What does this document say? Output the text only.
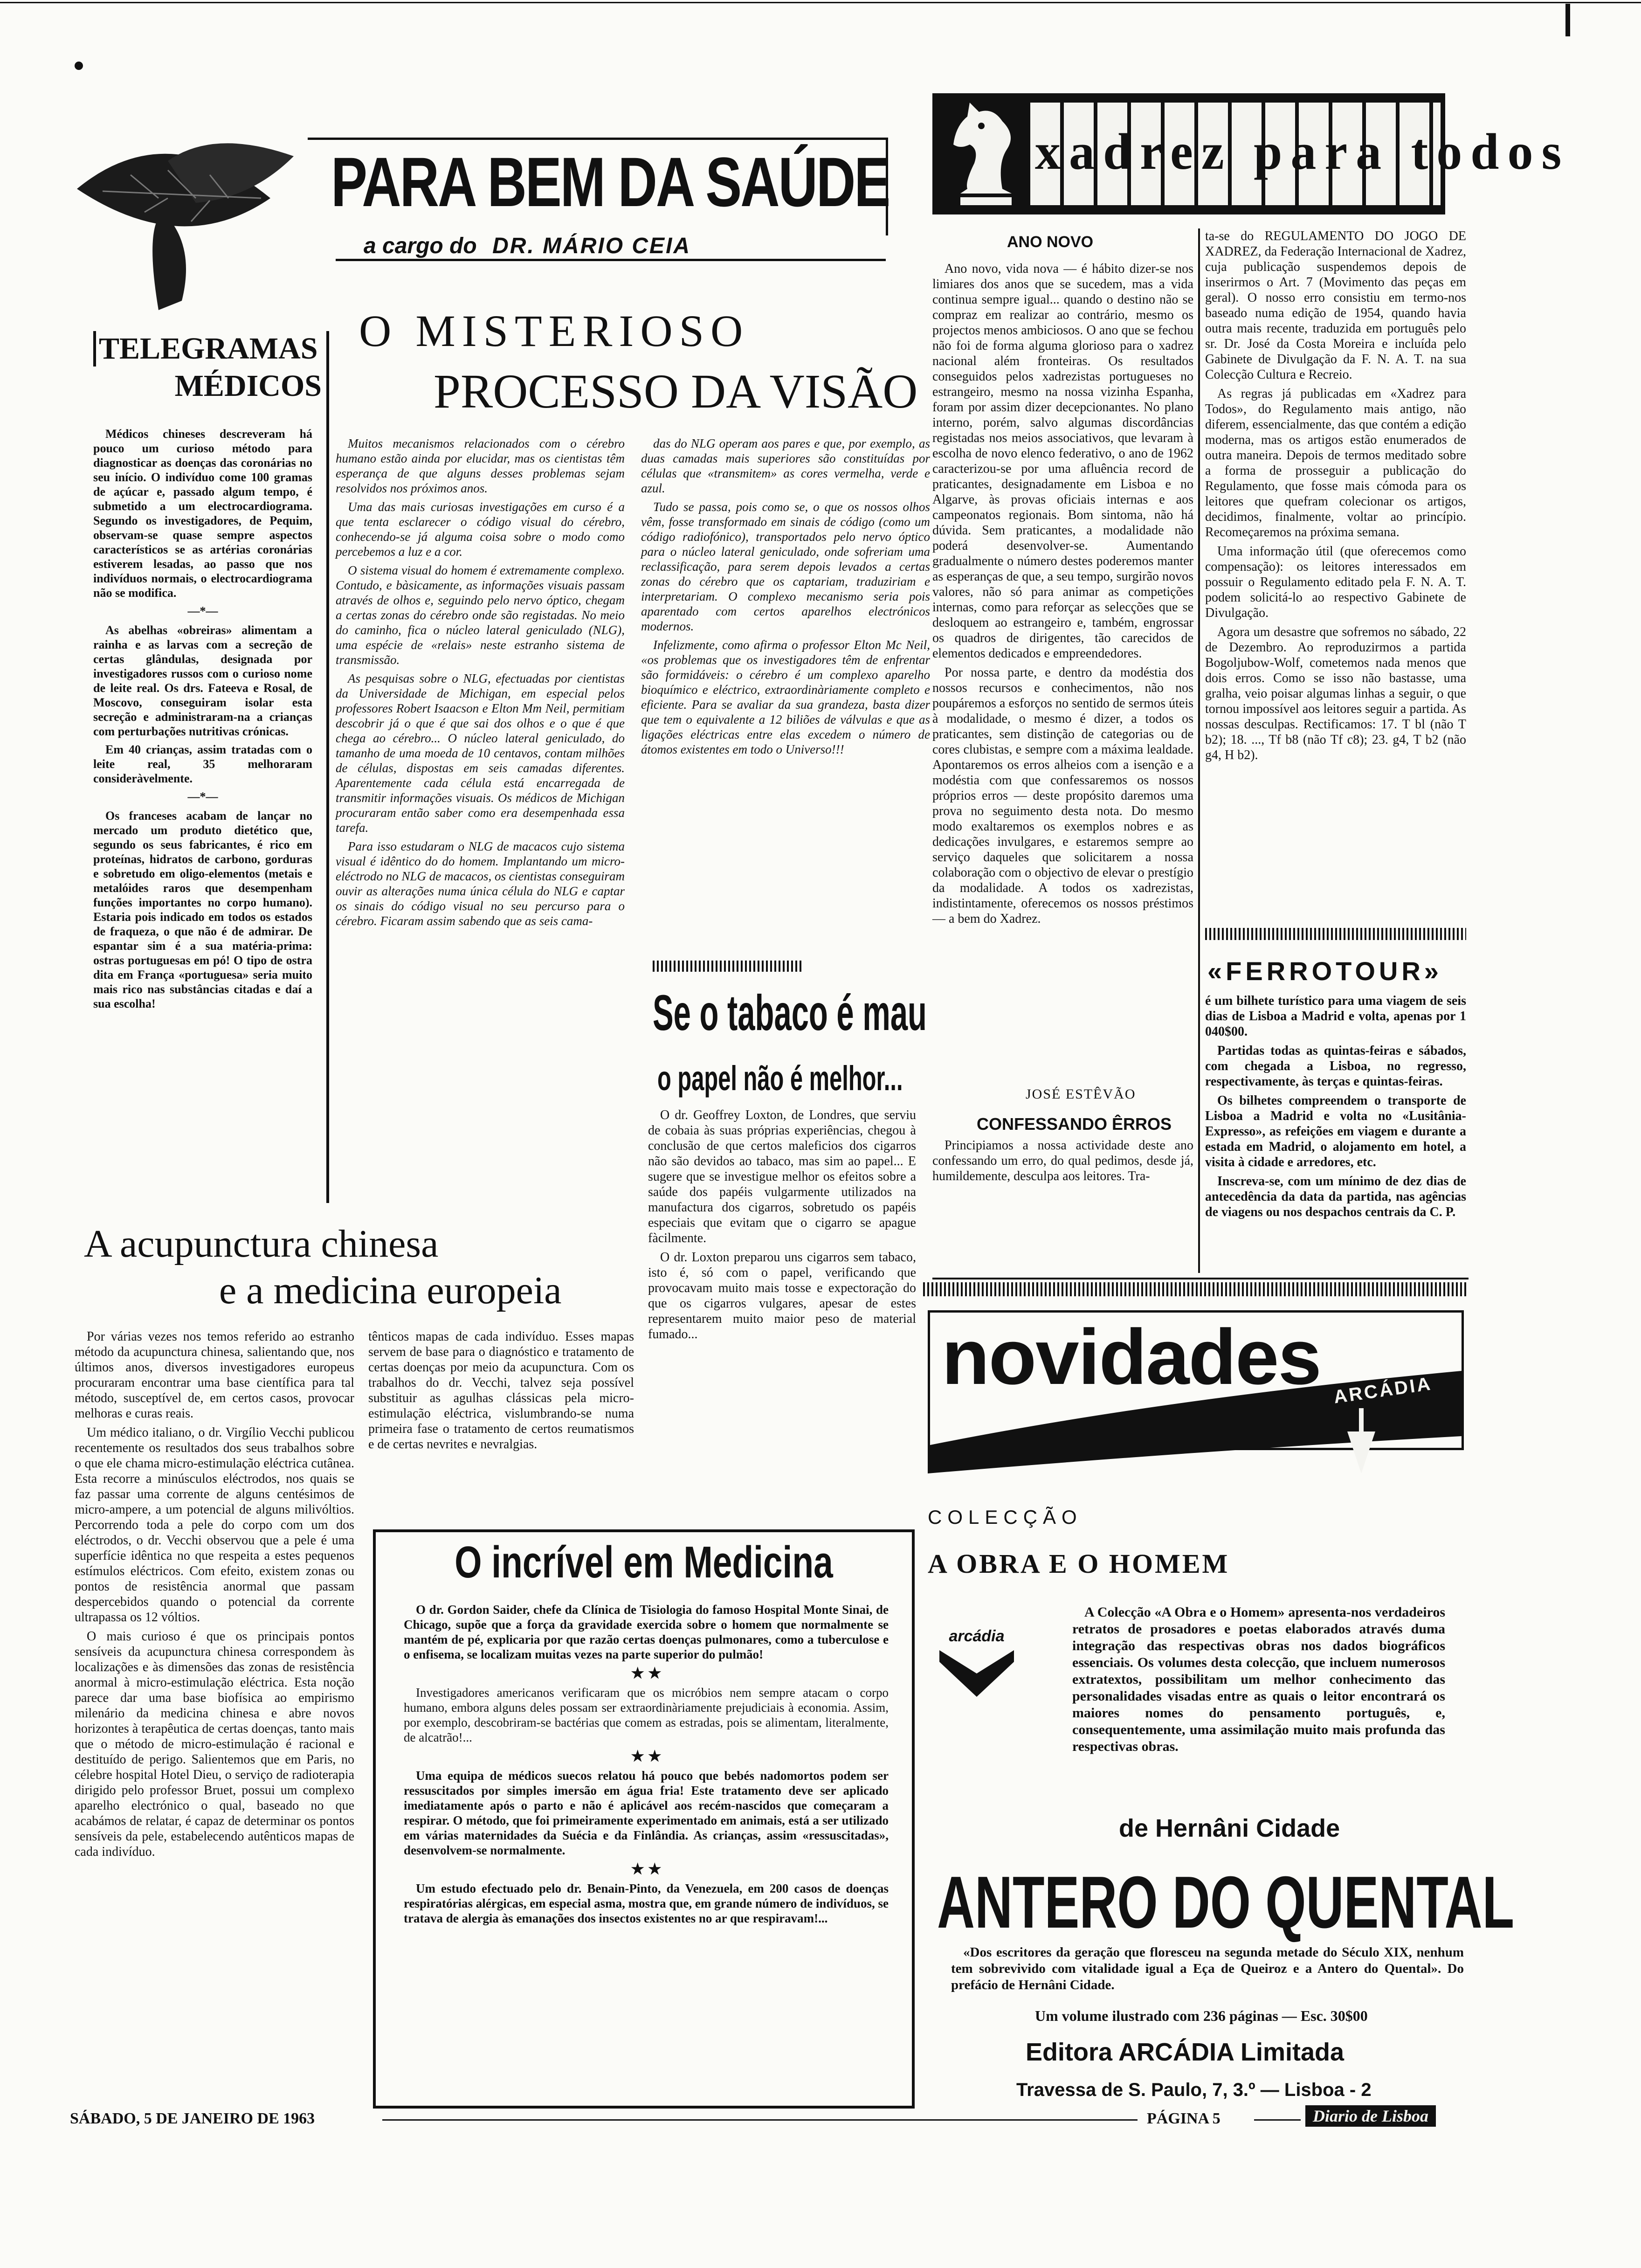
PARA BEM DA SAÚDE
a cargo do DR. MÁRIO CEIA
TELEGRAMAS
MÉDICOS

Médicos chineses descreveram há pouco um curioso método para diagnosticar as doenças das coronárias no seu início. O indivíduo come 100 gramas de açúcar e, passado algum tempo, é submetido a um electrocardiograma. Segundo os investigadores, de Pequim, observam-se quase sempre aspectos característicos se as artérias coronárias estiverem lesadas, ao passo que nos indivíduos normais, o electrocardiograma não se modifica.

—*—

As abelhas «obreiras» alimentam a rainha e as larvas com a secreção de certas glândulas, designada por investigadores russos com o curioso nome de leite real. Os drs. Fateeva e Rosal, de Moscovo, conseguiram isolar esta secreção e administraram-na a crianças com perturbações nutritivas crónicas.

Em 40 crianças, assim tratadas com o leite real, 35 melhoraram consideràvelmente.

—*—

Os franceses acabam de lançar no mercado um produto dietético que, segundo os seus fabricantes, é rico em proteínas, hidratos de carbono, gorduras e sobretudo em oligo-elementos (metais e metalóides raros que desempenham funções importantes no corpo humano). Estaria pois indicado em todos os estados de fraqueza, o que não é de admirar. De espantar sim é a sua matéria-prima: ostras portuguesas em pó! O tipo de ostra dita em França «portuguesa» seria muito mais rico nas substâncias citadas e daí a sua escolha!

O MISTERIOSO
PROCESSO DA VISÃO

Muitos mecanismos relacionados com o cérebro humano estão ainda por elucidar, mas os cientistas têm esperança de que alguns desses problemas sejam resolvidos nos próximos anos.

Uma das mais curiosas investigações em curso é a que tenta esclarecer o código visual do cérebro, conhecendo-se já alguma coisa sobre o modo como percebemos a luz e a cor.

O sistema visual do homem é extremamente complexo. Contudo, e bàsicamente, as informações visuais passam através de olhos e, seguindo pelo nervo óptico, chegam a certas zonas do cérebro onde são registadas. No meio do caminho, fica o núcleo lateral geniculado (NLG), uma espécie de «relais» neste estranho sistema de transmissão.

As pesquisas sobre o NLG, efectuadas por cientistas da Universidade de Michigan, em especial pelos professores Robert Isaacson e Elton Mm Neil, permitiam descobrir já o que é que sai dos olhos e o que é que chega ao cérebro... O núcleo lateral geniculado, do tamanho de uma moeda de 10 centavos, contam milhões de células, dispostas em seis camadas diferentes. Aparentemente cada célula está encarregada de transmitir informações visuais. Os médicos de Michigan procuraram então saber como era desempenhada essa tarefa.

Para isso estudaram o NLG de macacos cujo sistema visual é idêntico do do homem. Implantando um micro-eléctrodo no NLG de macacos, os cientistas conseguiram ouvir as alterações numa única célula do NLG e captar os sinais do código visual no seu percurso para o cérebro. Ficaram assim sabendo que as seis cama-

das do NLG operam aos pares e que, por exemplo, as duas camadas mais superiores são constituídas por células que «transmitem» as cores vermelha, verde e azul.

Tudo se passa, pois como se, o que os nossos olhos vêm, fosse transformado em sinais de código (como um código radiofónico), transportados pelo nervo óptico para o núcleo lateral geniculado, onde sofreriam uma reclassificação, para serem depois levados a certas zonas do cérebro que os captariam, traduziriam e interpretariam. O complexo mecanismo seria pois aparentado com certos aparelhos electrónicos modernos.

Infelizmente, como afirma o professor Elton Mc Neil, «os problemas que os investigadores têm de enfrentar são formidáveis: o cérebro é um complexo aparelho bioquímico e eléctrico, extraordinàriamente completo e eficiente. Para se avaliar da sua grandeza, basta dizer que tem o equivalente a 12 biliões de válvulas e que as ligações eléctricas entre elas excedem o número de átomos existentes em todo o Universo!!!

Se o tabaco é mau
o papel não é melhor...

O dr. Geoffrey Loxton, de Londres, que serviu de cobaia às suas próprias experiências, chegou à conclusão de que certos maleficios dos cigarros não são devidos ao tabaco, mas sim ao papel... E sugere que se investigue melhor os efeitos sobre a saúde dos papéis vulgarmente utilizados na manufactura dos cigarros, sobretudo os papéis especiais que evitam que o cigarro se apague fàcilmente.

O dr. Loxton preparou uns cigarros sem tabaco, isto é, só com o papel, verificando que provocavam muito mais tosse e expectoração do que os cigarros vulgares, apesar de estes representarem muito maior peso de material fumado...

A acupunctura chinesa
e a medicina europeia

Por várias vezes nos temos referido ao estranho método da acupunctura chinesa, salientando que, nos últimos anos, diversos investigadores europeus procuraram encontrar uma base científica para tal método, susceptível de, em certos casos, provocar melhoras e curas reais.

Um médico italiano, o dr. Virgílio Vecchi publicou recentemente os resultados dos seus trabalhos sobre o que ele chama micro-estimulação eléctrica cutânea. Esta recorre a minúsculos eléctrodos, nos quais se faz passar uma corrente de alguns centésimos de micro-ampere, a um potencial de alguns milivóltios. Percorrendo toda a pele do corpo com um dos eléctrodos, o dr. Vecchi observou que a pele é uma superfície idêntica no que respeita a estes pequenos estímulos eléctricos. Com efeito, existem zonas ou pontos de resistência anormal que passam despercebidos quando o potencial da corrente ultrapassa os 12 vóltios.

O mais curioso é que os principais pontos sensíveis da acupunctura chinesa correspondem às localizações e às dimensões das zonas de resistência anormal à micro-estimulação eléctrica. Esta noção parece dar uma base biofísica ao empirismo milenário da medicina chinesa e abre novos horizontes à terapêutica de certas doenças, tanto mais que o método de micro-estimulação é racional e destituído de perigo. Salientemos que em Paris, no célebre hospital Hotel Dieu, o serviço de radioterapia dirigido pelo professor Bruet, possui um complexo aparelho electrónico o qual, baseado no que acabámos de relatar, é capaz de determinar os pontos sensíveis da pele, estabelecendo autênticos mapas de cada indivíduo.

tênticos mapas de cada indivíduo. Esses mapas servem de base para o diagnóstico e tratamento de certas doenças por meio da acupunctura. Com os trabalhos do dr. Vecchi, talvez seja possível substituir as agulhas clássicas pela micro-estimulação eléctrica, vislumbrando-se numa primeira fase o tratamento de certos reumatismos e de certas nevrites e nevralgias.

O incrível em Medicina

O dr. Gordon Saider, chefe da Clínica de Tisiologia do famoso Hospital Monte Sinai, de Chicago, supõe que a força da gravidade exercida sobre o homem que normalmente se mantém de pé, explicaria por que razão certas doenças pulmonares, como a tuberculose e o enfisema, se localizam muitas vezes na parte superior do pulmão!

★ ★

Investigadores americanos verificaram que os micróbios nem sempre atacam o corpo humano, embora alguns deles possam ser extraordinàriamente prejudiciais à economia. Assim, por exemplo, descobriram-se bactérias que comem as estradas, pois se alimentam, literalmente, de alcatrão!...

★ ★

Uma equipa de médicos suecos relatou há pouco que bebés nadomortos podem ser ressuscitados por simples imersão em água fria! Este tratamento deve ser aplicado imediatamente após o parto e não é aplicável aos recém-nascidos que começaram a respirar. O método, que foi primeiramente experimentado em animais, está a ser utilizado em várias maternidades da Suécia e da Finlândia. As crianças, assim «ressuscitadas», desenvolvem-se normalmente.

★ ★

Um estudo efectuado pelo dr. Benain-Pinto, da Venezuela, em 200 casos de doenças respiratórias alérgicas, em especial asma, mostra que, em grande número de indivíduos, se tratava de alergia às emanações dos insectos existentes no ar que respiravam!...

xadrez para todos
ANO NOVO

Ano novo, vida nova — é hábito dizer-se nos limiares dos anos que se sucedem, mas a vida continua sempre igual... quando o destino não se compraz em realizar ao contrário, mesmo os projectos menos ambiciosos. O ano que se fechou não foi de forma alguma glorioso para o xadrez nacional além fronteiras. Os resultados conseguidos pelos xadrezistas portugueses no estrangeiro, mesmo na nossa vizinha Espanha, foram por assim dizer decepcionantes. No plano interno, porém, salvo algumas discordâncias registadas nos meios associativos, que levaram à escolha de novo elenco federativo, o ano de 1962 caracterizou-se por uma afluência record de praticantes, designadamente em Lisboa e no Algarve, às provas oficiais internas e aos campeonatos regionais. Bom sintoma, não há dúvida. Sem praticantes, a modalidade não poderá desenvolver-se. Aumentando gradualmente o número destes poderemos manter as esperanças de que, a seu tempo, surgirão novos valores, não só para animar as competições internas, como para reforçar as selecções que se desloquem ao estrangeiro e, também, engrossar os quadros de dirigentes, tão carecidos de elementos dedicados e empreendedores.

Por nossa parte, e dentro da modéstia dos nossos recursos e conhecimentos, não nos poupáremos a esforços no sentido de sermos úteis à modalidade, o mesmo é dizer, a todos os praticantes, sem distinção de categorias ou de cores clubistas, e sempre com a máxima lealdade. Apontaremos os erros alheios com a isenção e a modéstia com que confessaremos os nossos próprios erros — deste propósito daremos uma prova no seguimento desta nota. Do mesmo modo exaltaremos os exemplos nobres e as dedicações invulgares, e estaremos sempre ao serviço daqueles que solicitarem a nossa colaboração com o objectivo de elevar o prestígio da modalidade. A todos os xadrezistas, indistintamente, oferecemos os nossos préstimos — a bem do Xadrez.

JOSÉ ESTÊVÃO
CONFESSANDO ÊRROS

Principiamos a nossa actividade deste ano confessando um erro, do qual pedimos, desde já, humildemente, desculpa aos leitores. Tra-

ta-se do REGULAMENTO DO JOGO DE XADREZ, da Federação Internacional de Xadrez, cuja publicação suspendemos depois de inserirmos o Art. 7 (Movimento das peças em geral). O nosso erro consistiu em termo-nos baseado numa edição de 1954, quando havia outra mais recente, traduzida em português pelo sr. Dr. José da Costa Moreira e incluída pelo Gabinete de Divulgação da F. N. A. T. na sua Colecção Cultura e Recreio.

As regras já publicadas em «Xadrez para Todos», do Regulamento mais antigo, não diferem, essencialmente, das que contém a edição moderna, mas os artigos estão enumerados de outra maneira. Depois de termos meditado sobre a forma de prosseguir a publicação do Regulamento, que fosse mais cómoda para os leitores que quefram colecionar os artigos, decidimos, finalmente, voltar ao princípio. Recomeçaremos na próxima semana.

Uma informação útil (que oferecemos como compensação): os leitores interessados em possuir o Regulamento editado pela F. N. A. T. podem solicitá-lo ao respectivo Gabinete de Divulgação.

Agora um desastre que sofremos no sábado, 22 de Dezembro. Ao reproduzirmos a partida Bogoljubow-Wolf, cometemos nada menos que dois erros. Como se isso não bastasse, uma gralha, veio poisar algumas linhas a seguir, o que tornou impossível aos leitores seguir a partida. As nossas desculpas. Rectificamos: 17. T bl (não T b2); 18. ..., Tf b8 (não Tf c8); 23. g4, T b2 (não g4, H b2).

«FERROTOUR»

é um bilhete turístico para uma viagem de seis dias de Lisboa a Madrid e volta, apenas por 1 040$00.

Partidas todas as quintas-feiras e sábados, com chegada a Lisboa, no regresso, respectivamente, às terças e quintas-feiras.

Os bilhetes compreendem o transporte de Lisboa a Madrid e volta no «Lusitânia-Expresso», as refeições em viagem e durante a estada em Madrid, o alojamento em hotel, a visita à cidade e arredores, etc.

Inscreva-se, com um mínimo de dez dias de antecedência da data da partida, nas agências de viagens ou nos despachos centrais da C. P.

novidades ARCÁDIA
COLECÇÃO
A OBRA E O HOMEM
arcádia

A Colecção «A Obra e o Homem» apresenta-nos verdadeiros retratos de prosadores e poetas elaborados através duma integração das respectivas obras nos dados biográficos essenciais. Os volumes desta colecção, que incluem numerosos extratextos, possibilitam um melhor conhecimento das personalidades visadas entre as quais o leitor encontrará os maiores nomes do pensamento português, e, consequentemente, uma assimilação muito mais profunda das respectivas obras.

de Hernâni Cidade
ANTERO DO QUENTAL

«Dos escritores da geração que floresceu na segunda metade do Século XIX, nenhum tem sobrevivido com vitalidade igual a Eça de Queiroz e a Antero do Quental». Do prefácio de Hernâni Cidade.

Um volume ilustrado com 236 páginas — Esc. 30$00
Editora ARCÁDIA Limitada
Travessa de S. Paulo, 7, 3.º — Lisboa - 2
SÁBADO, 5 DE JANEIRO DE 1963	PÁGINA 5	Diario de Lisboa
